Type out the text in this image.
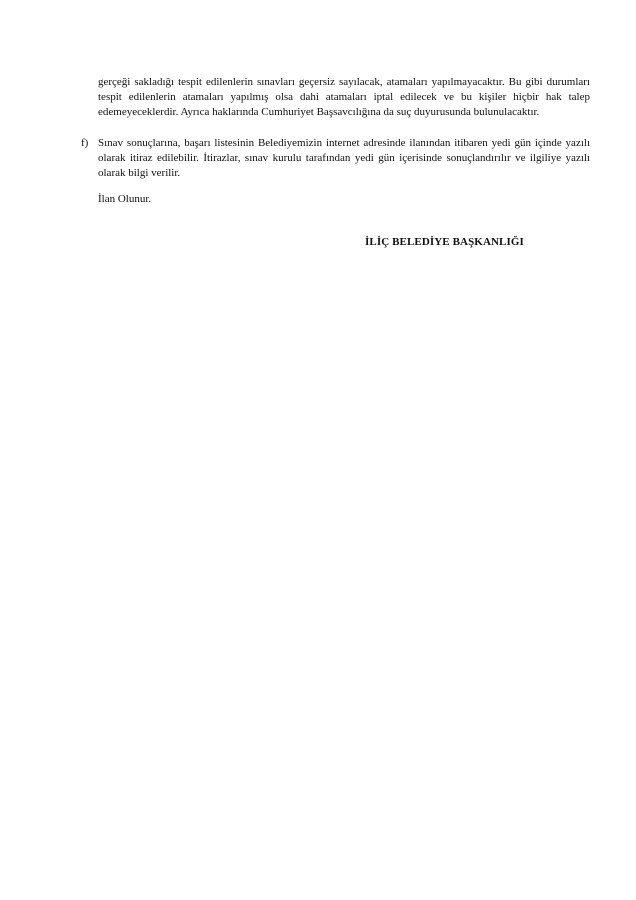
gerçeği sakladığı tespit edilenlerin sınavları geçersiz sayılacak, atamaları yapılmayacaktır. Bu gibi durumları tespit edilenlerin atamaları yapılmış olsa dahi atamaları iptal edilecek ve bu kişiler hiçbir hak talep edemeyeceklerdir. Ayrıca haklarında Cumhuriyet Başsavcılığına da suç duyurusunda bulunulacaktır.

f) Sınav sonuçlarına, başarı listesinin Belediyemizin internet adresinde ilanından itibaren yedi gün içinde yazılı olarak itiraz edilebilir. İtirazlar, sınav kurulu tarafından yedi gün içerisinde sonuçlandırılır ve ilgiliye yazılı olarak bilgi verilir.

İlan Olunur.

İLİÇ BELEDİYE BAŞKANLIĞI
